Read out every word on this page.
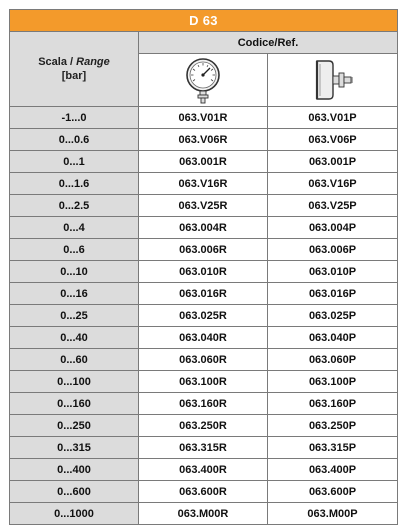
D 63		
Scala / Range
[bar]	Codice/Ref.	

-1...0	063.V01R	063.V01P
0...0.6	063.V06R	063.V06P
0...1	063.001R	063.001P
0...1.6	063.V16R	063.V16P
0...2.5	063.V25R	063.V25P
0...4	063.004R	063.004P
0...6	063.006R	063.006P
0...10	063.010R	063.010P
0...16	063.016R	063.016P
0...25	063.025R	063.025P
0...40	063.040R	063.040P
0...60	063.060R	063.060P
0...100	063.100R	063.100P
0...160	063.160R	063.160P
0...250	063.250R	063.250P
0...315	063.315R	063.315P
0...400	063.400R	063.400P
0...600	063.600R	063.600P
0...1000	063.M00R	063.M00P
